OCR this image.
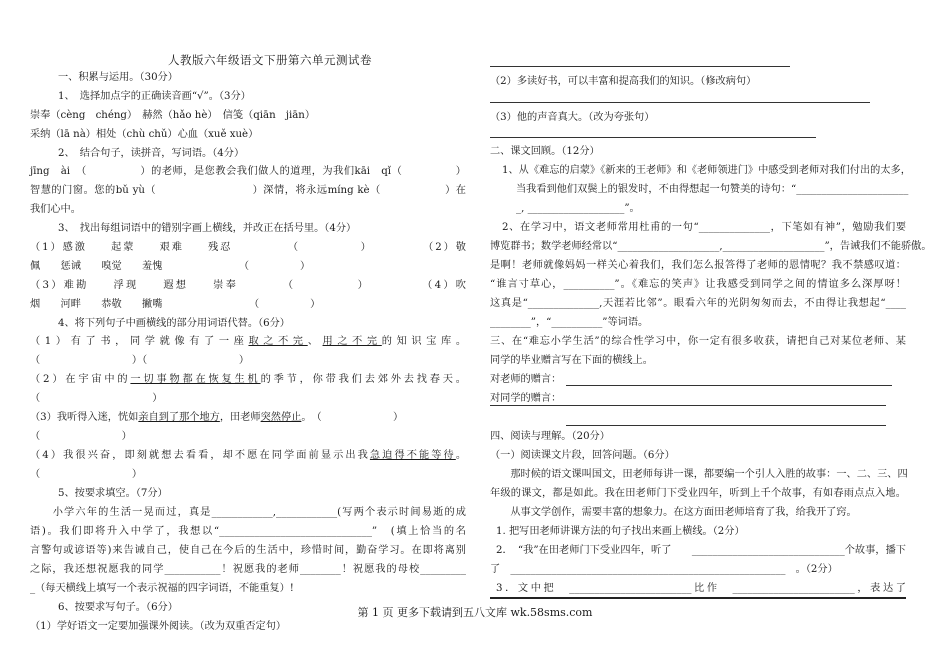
人教版六年级语文下册第六单元测试卷
一、积累与运用。（30分）
1、　选择加点字的正确读音画“√”。（3分）
崇奉（cèng　chéng）　赫然（hǎo hè）　信笺（qiān　jiān）
采纳（lā nà）相处（chù chǔ）心血（xuě xuè）
2、　结合句子，读拼音，写词语。（4分）
jīng　ài　（　　　　　）的老师，是您教会我们做人的道理，为我们kāi　qǐ（　　　　　）
智慧的门窗。您的bǔ yù（　　　　　　　　　）深情，将永远míng kè（　　　　　　）在
我们心中。
3、　找出每组词语中的错别字画上横线，并改正在括号里。（4分）
（1）感激　　起蒙　　艰难　　残忍　　　　　（　　　　　）　　　　　（2）敬
佩　　惩诫　　嗅觉　　羞愧　　　　　　　　（　　　　　）
（3）难勘　　浮现　　遐想　　崇奉　　　　（　　　　　）　　　　　（4）吹
烟　　河畔　　恭敬　　撇嘴　　　　　　　　　（　　　　　）
4、将下列句子中画横线的部分用词语代替。（6分）
（1）有了书，同学就像有了一座取之不完、用之不完的知识宝库。
（　　　　　　　　　）（　　　　　　　　　）
（2）在宇宙中的一切事物都在恢复生机的季节，你带我们去郊外去找春天。
（　　　　　　　　　　　）
（3）我听得入迷，恍如亲自到了那个地方，田老师突然停止。　（　　　　　　　）
（　　　　　　　　）
（4）我很兴奋，即刻就想去看看，却不愿在同学面前显示出我急迫得不能等待。
（　　　　　　　　　）
5、按要求填空。（7分）
　　小学六年的生活一晃而过，真是____________,____________(写两个表示时间易逝的成
语)。我们即将升入中学了，我想以“______________________________”　(填上恰当的名
言警句或谚语等)来告诫自己，使自己在今后的生活中，珍惜时间，勤奋学习。在即将离别
之际，我还想祝愿我的同学___________！祝愿我的老师________！祝愿我的母校_________
_（每天横线上填写一个表示祝福的四字词语，不能重复）!
6、按要求写句子。（6分）
（1）学好语文一定要加强课外阅读。（改为双重否定句）
（2）多读好书，可以丰富和提高我们的知识。（修改病句）
（3）他的声音真大。（改为夸张句）
二、课文回顾。（12分）
1、从《难忘的启蒙》《新来的王老师》和《老师领进门》中感受到老师对我们付出的太多，
当我看到他们双鬓上的银发时，不由得想起一句赞美的诗句：“______________________
_, ___________________”。
2、在学习中，语文老师常用杜甫的一句“______________，下笔如有神”，勉励我们要
博览群书；数学老师经常以“____________________,____________________”，告诫我们不能骄傲。
是啊！老师就像妈妈一样关心着我们，我们怎么报答得了老师的恩情呢？我不禁感叹道：
“谁言寸草心，__________”。《难忘的笑声》让我感受到同学之间的情谊多么深厚呀！
这真是“______________,天涯若比邻”。眼看六年的光阴匆匆而去，不由得让我想起“____
________”，“__________”等词语。
三、在“难忘小学生活”的综合性学习中，你一定有很多收获，请把自己对某位老师、某
同学的毕业赠言写在下面的横线上。
对老师的赠言：
对同学的赠言：
四、阅读与理解。（20分）
（一）阅读课文片段，回答问题。（6分）
　　那时候的语文课叫国文，田老师每讲一课，都要编一个引人入胜的故事：一、二、三、四
年级的课文，都是如此。我在田老师门下受业四年，听到上千个故事，有如春雨点点入地。
　　从事文学创作，需要丰富的想象力。在这方面田老师培育了我，给我开了窍。
1. 把写田老师讲课方法的句子找出来画上横线。（2分）
2．　“我”在田老师门下受业四年，听了　　______________________________个故事，播下
了　______________________________________________________　。（2分）
3．文中把　________________________比作　________________________，表达了
第 1 页 更多下载请到五八文库 wk.58sms.com
